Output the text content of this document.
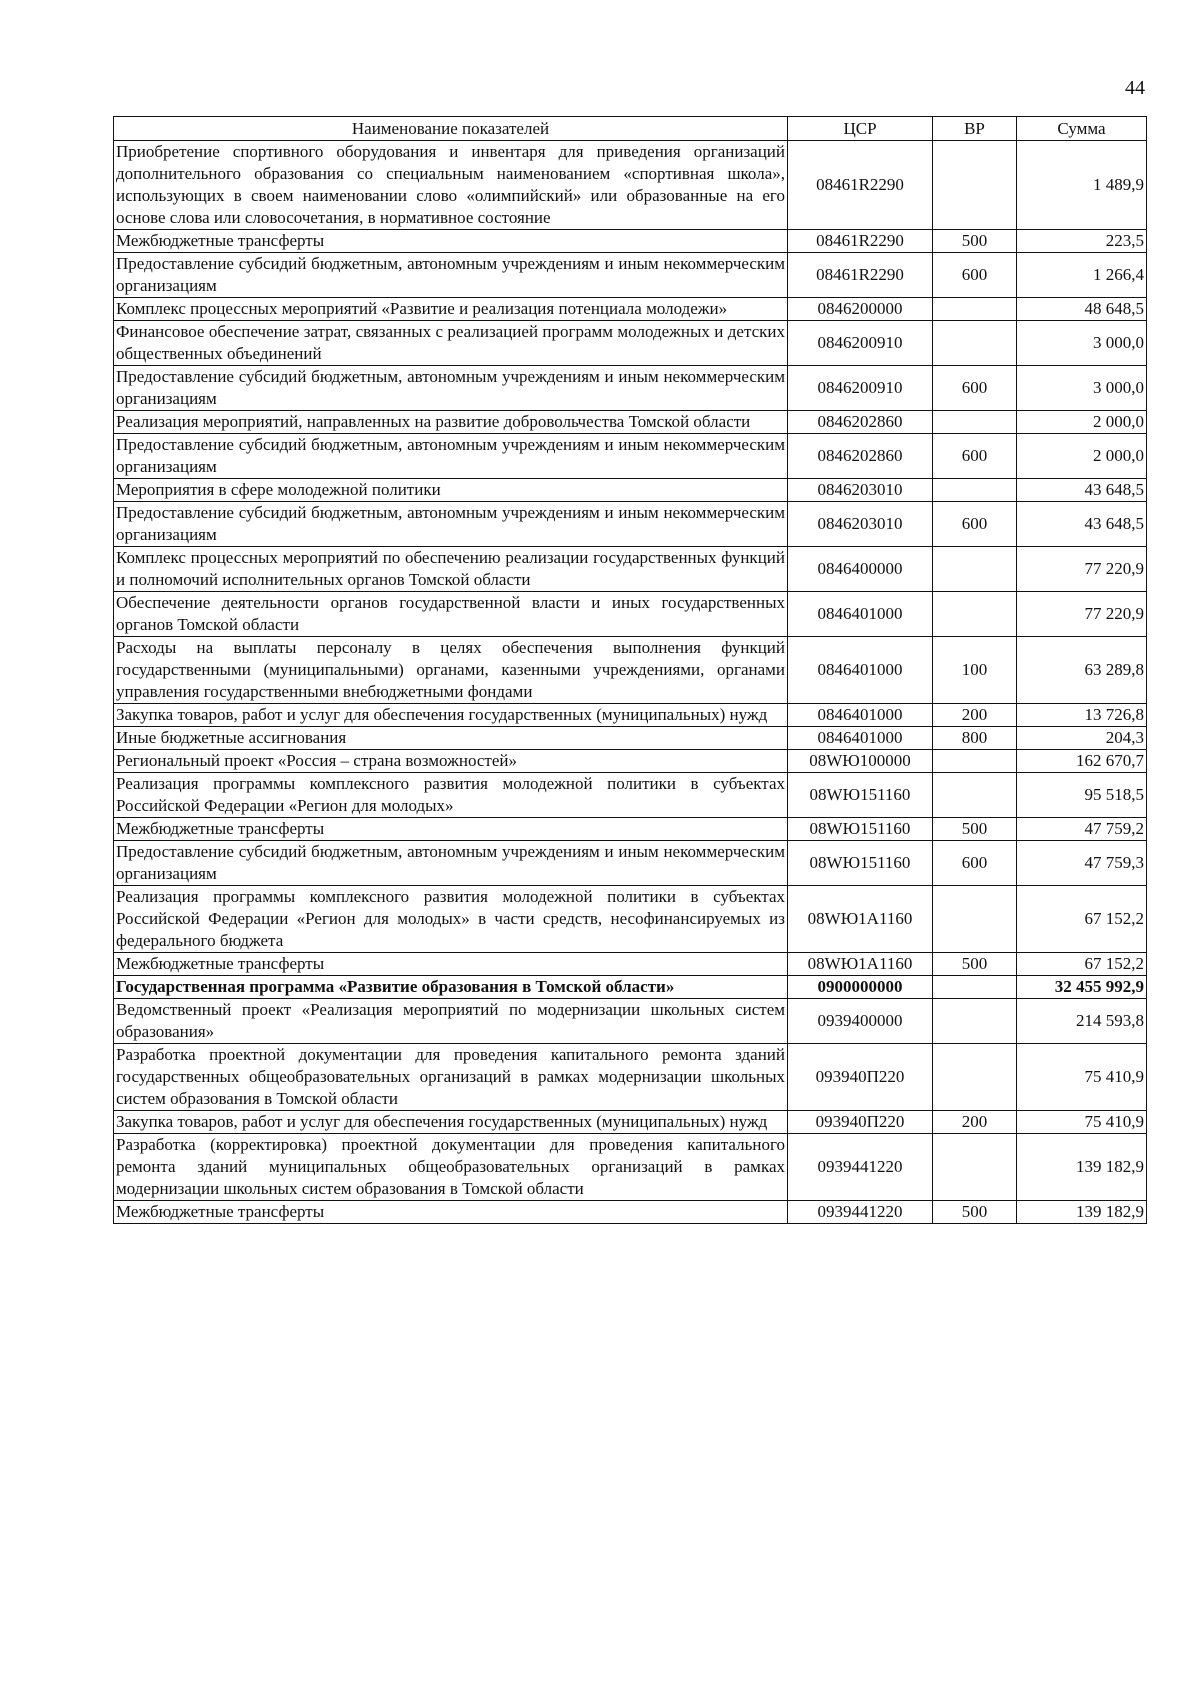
44
Наименование показателей	ЦСР	ВР	Сумма
Приобретение спортивного оборудования и инвентаря для приведения организаций дополнительного образования со специальным наименованием «спортивная школа», использующих в своем наименовании слово «олимпийский» или образованные на его основе слова или словосочетания, в нормативное состояние	08461R2290		1 489,9
Межбюджетные трансферты	08461R2290	500	223,5
Предоставление субсидий бюджетным, автономным учреждениям и иным некоммерческим организациям	08461R2290	600	1 266,4
Комплекс процессных мероприятий «Развитие и реализация потенциала молодежи»	0846200000		48 648,5
Финансовое обеспечение затрат, связанных с реализацией программ молодежных и детских общественных объединений	0846200910		3 000,0
Предоставление субсидий бюджетным, автономным учреждениям и иным некоммерческим организациям	0846200910	600	3 000,0
Реализация мероприятий, направленных на развитие добровольчества Томской области	0846202860		2 000,0
Предоставление субсидий бюджетным, автономным учреждениям и иным некоммерческим организациям	0846202860	600	2 000,0
Мероприятия в сфере молодежной политики	0846203010		43 648,5
Предоставление субсидий бюджетным, автономным учреждениям и иным некоммерческим организациям	0846203010	600	43 648,5
Комплекс процессных мероприятий по обеспечению реализации государственных функций и полномочий исполнительных органов Томской области	0846400000		77 220,9
Обеспечение деятельности органов государственной власти и иных государственных органов Томской области	0846401000		77 220,9
Расходы на выплаты персоналу в целях обеспечения выполнения функций государственными (муниципальными) органами, казенными учреждениями, органами управления государственными внебюджетными фондами	0846401000	100	63 289,8
Закупка товаров, работ и услуг для обеспечения государственных (муниципальных) нужд	0846401000	200	13 726,8
Иные бюджетные ассигнования	0846401000	800	204,3
Региональный проект «Россия – страна возможностей»	08WЮ100000		162 670,7
Реализация программы комплексного развития молодежной политики в субъектах Российской Федерации «Регион для молодых»	08WЮ151160		95 518,5
Межбюджетные трансферты	08WЮ151160	500	47 759,2
Предоставление субсидий бюджетным, автономным учреждениям и иным некоммерческим организациям	08WЮ151160	600	47 759,3
Реализация программы комплексного развития молодежной политики в субъектах Российской Федерации «Регион для молодых» в части средств, несофинансируемых из федерального бюджета	08WЮ1A1160		67 152,2
Межбюджетные трансферты	08WЮ1A1160	500	67 152,2
Государственная программа «Развитие образования в Томской области»	0900000000		32 455 992,9
Ведомственный проект «Реализация мероприятий по модернизации школьных систем образования»	0939400000		214 593,8
Разработка проектной документации для проведения капитального ремонта зданий государственных общеобразовательных организаций в рамках модернизации школьных систем образования в Томской области	093940П220		75 410,9
Закупка товаров, работ и услуг для обеспечения государственных (муниципальных) нужд	093940П220	200	75 410,9
Разработка (корректировка) проектной документации для проведения капитального ремонта зданий муниципальных общеобразовательных организаций в рамках модернизации школьных систем образования в Томской области	0939441220		139 182,9
Межбюджетные трансферты	0939441220	500	139 182,9
